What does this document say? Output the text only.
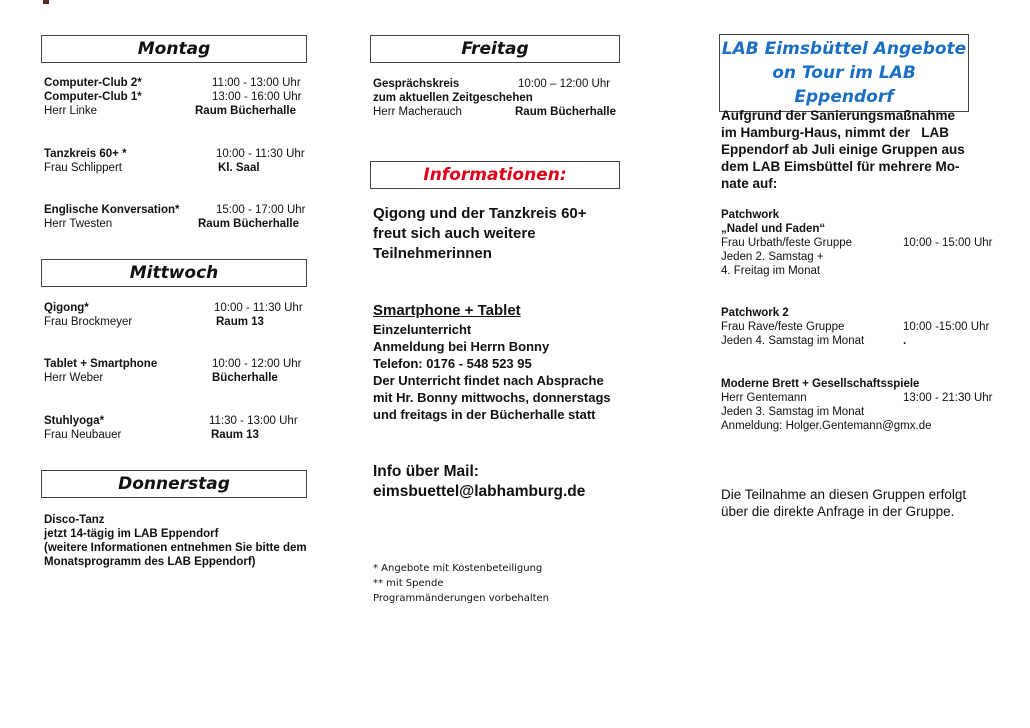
Montag
Computer-Club 2*	11:00 - 13:00 Uhr
Computer-Club 1*	13:00 - 16:00 Uhr
Herr Linke	Raum Bücherhalle
Tanzkreis 60+ *	10:00 - 11:30 Uhr
Frau Schlippert	Kl. Saal
Englische Konversation*	15:00 - 17:00 Uhr
Herr Twesten	Raum Bücherhalle
Mittwoch
Qigong*	10:00 - 11:30 Uhr
Frau Brockmeyer	Raum 13
Tablet + Smartphone	10:00 - 12:00 Uhr
Herr Weber	Bücherhalle
Stuhlyoga*	11:30 - 13:00 Uhr
Frau Neubauer	Raum 13
Donnerstag
Disco-Tanz
jetzt 14-tägig im LAB Eppendorf
(weitere Informationen entnehmen Sie bitte dem
Monatsprogramm des LAB Eppendorf)
Freitag
Gesprächskreis	10:00 – 12:00 Uhr
zum aktuellen Zeitgeschehen
Herr Macherauch	Raum Bücherhalle
Informationen:
Qigong und der Tanzkreis 60+
freut sich auch weitere
Teilnehmerinnen
Smartphone + Tablet
Einzelunterricht
Anmeldung bei Herrn Bonny
Telefon: 0176 - 548 523 95
Der Unterricht findet nach Absprache
mit Hr. Bonny mittwochs, donnerstags
und freitags in der Bücherhalle statt
Info über Mail:
eimsbuettel@labhamburg.de
* Angebote mit Kostenbeteiligung
** mit Spende
Programmänderungen vorbehalten
LAB Eimsbüttel Angebote
on Tour im LAB Eppendorf
Aufgrund der Sanierungsmaßnahme
im Hamburg-Haus, nimmt der   LAB
Eppendorf ab Juli einige Gruppen aus
dem LAB Eimsbüttel für mehrere Mo-
nate auf:
Patchwork
„Nadel und Faden“
Frau Urbath/feste Gruppe	10:00 - 15:00 Uhr
Jeden 2. Samstag +
4. Freitag im Monat
Patchwork 2
Frau Rave/feste Gruppe	10:00 -15:00 Uhr
Jeden 4. Samstag im Monat	.
Moderne Brett + Gesellschaftsspiele
Herr Gentemann	13:00 - 21:30 Uhr
Jeden 3. Samstag im Monat
Anmeldung: Holger.Gentemann@gmx.de
Die Teilnahme an diesen Gruppen erfolgt
über die direkte Anfrage in der Gruppe.
